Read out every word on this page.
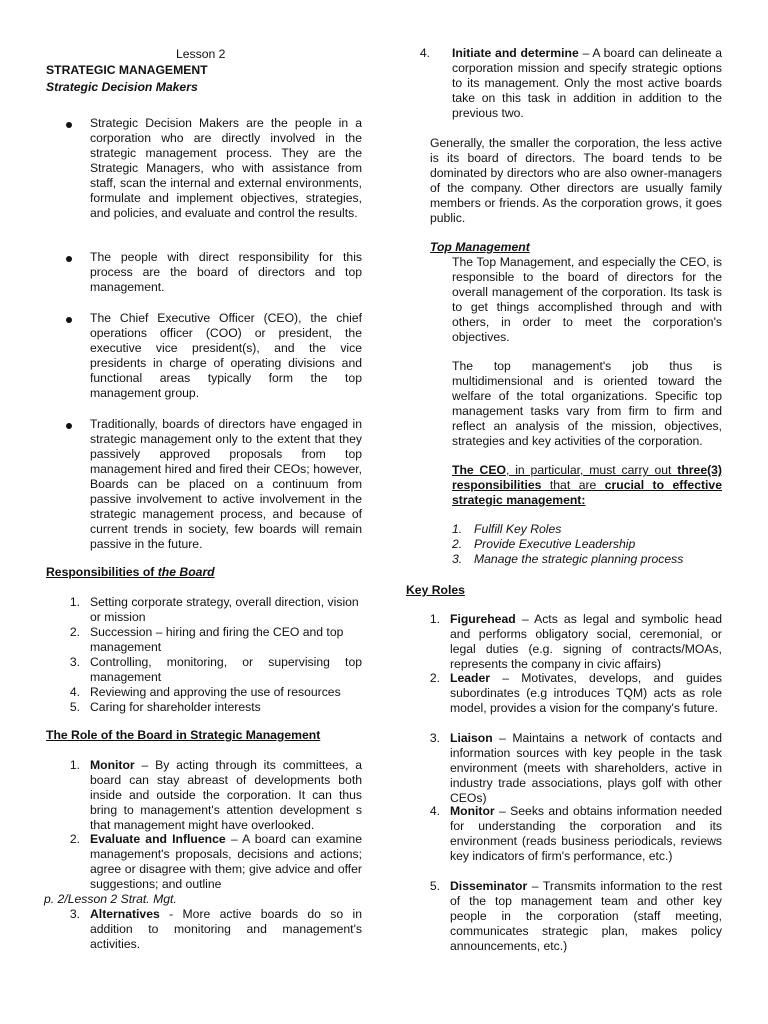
Lesson 2

STRATEGIC MANAGEMENT

Strategic Decision Makers

Strategic Decision Makers are the people in a corporation who are directly involved in the strategic management process. They are the Strategic Managers, who with assistance from staff, scan the internal and external environments, formulate and implement objectives, strategies, and policies, and evaluate and control the results.

The people with direct responsibility for this process are the board of directors and top management.

The Chief Executive Officer (CEO), the chief operations officer (COO) or president, the executive vice president(s), and the vice presidents in charge of operating divisions and functional areas typically form the top management group.

Traditionally, boards of directors have engaged in strategic management only to the extent that they passively approved proposals from top management hired and fired their CEOs; however, Boards can be placed on a continuum from passive involvement to active involvement in the strategic management process, and because of current trends in society, few boards will remain passive in the future.

Responsibilities of the Board

1. Setting corporate strategy, overall direction, vision or mission

2. Succession – hiring and firing the CEO and top management

3. Controlling, monitoring, or supervising top management

4. Reviewing and approving the use of resources

5. Caring for shareholder interests

The Role of the Board in Strategic Management

1. Monitor – By acting through its committees, a board can stay abreast of developments both inside and outside the corporation. It can thus bring to management's attention development s that management might have overlooked.

2. Evaluate and Influence – A board can examine management's proposals, decisions and actions; agree or disagree with them; give advice and offer suggestions; and outline

p. 2/Lesson 2 Strat. Mgt.

3. Alternatives - More active boards do so in addition to monitoring and management's activities.

4. Initiate and determine – A board can delineate a corporation mission and specify strategic options to its management. Only the most active boards take on this task in addition in addition to the previous two.

Generally, the smaller the corporation, the less active is its board of directors. The board tends to be dominated by directors who are also owner-managers of the company. Other directors are usually family members or friends. As the corporation grows, it goes public.

Top Management

The Top Management, and especially the CEO, is responsible to the board of directors for the overall management of the corporation. Its task is to get things accomplished through and with others, in order to meet the corporation's objectives.

The top management's job thus is multidimensional and is oriented toward the welfare of the total organizations. Specific top management tasks vary from firm to firm and reflect an analysis of the mission, objectives, strategies and key activities of the corporation.

The CEO, in particular, must carry out three(3) responsibilities that are crucial to effective strategic management:

1. Fulfill Key Roles
2. Provide Executive Leadership
3. Manage the strategic planning process

Key Roles

1. Figurehead – Acts as legal and symbolic head and performs obligatory social, ceremonial, or legal duties (e.g. signing of contracts/MOAs, represents the company in civic affairs)

2. Leader – Motivates, develops, and guides subordinates (e.g introduces TQM) acts as role model, provides a vision for the company's future.

3. Liaison – Maintains a network of contacts and information sources with key people in the task environment (meets with shareholders, active in industry trade associations, plays golf with other CEOs)

4. Monitor – Seeks and obtains information needed for understanding the corporation and its environment (reads business periodicals, reviews key indicators of firm's performance, etc.)

5. Disseminator – Transmits information to the rest of the top management team and other key people in the corporation (staff meeting, communicates strategic plan, makes policy announcements, etc.)
